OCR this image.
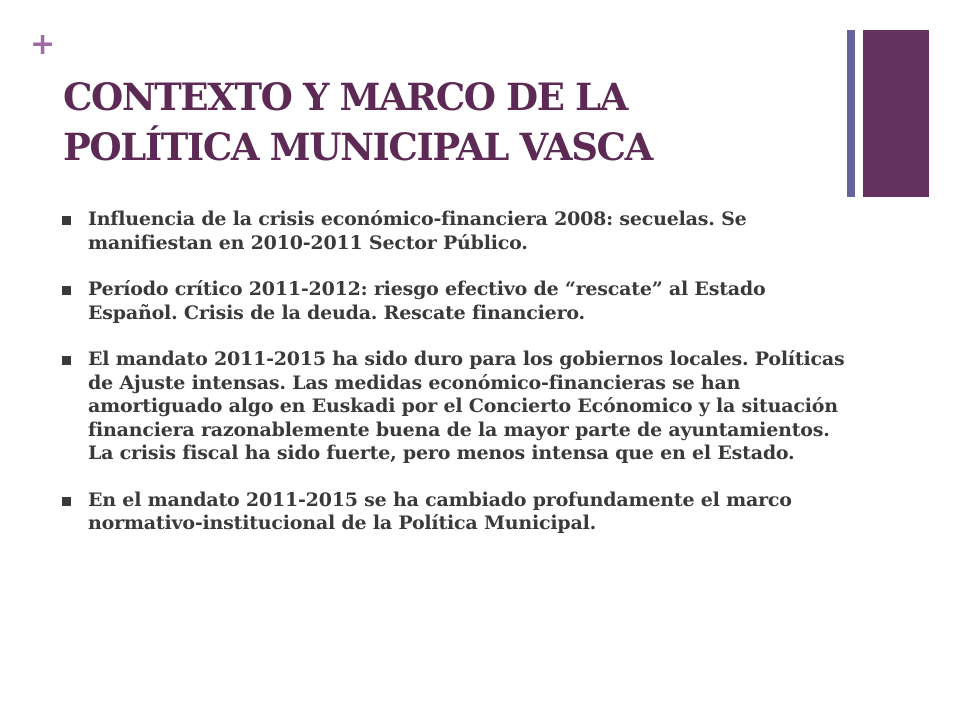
+
CONTEXTO Y MARCO DE LA POLÍTICA MUNICIPAL VASCA
Influencia de la crisis económico-financiera 2008: secuelas. Se manifiestan en 2010-2011 Sector Público.
Período crítico 2011-2012: riesgo efectivo de “rescate” al Estado Español. Crisis de la deuda. Rescate financiero.
El mandato 2011-2015 ha sido duro para los gobiernos locales. Políticas de Ajuste intensas. Las medidas económico-financieras se han amortiguado algo en Euskadi por el Concierto Ecónomico y la situación financiera razonablemente buena de la mayor parte de ayuntamientos. La crisis fiscal ha sido fuerte, pero menos intensa que en el Estado.
En el mandato 2011-2015 se ha cambiado profundamente el marco normativo-institucional de la Política Municipal.
